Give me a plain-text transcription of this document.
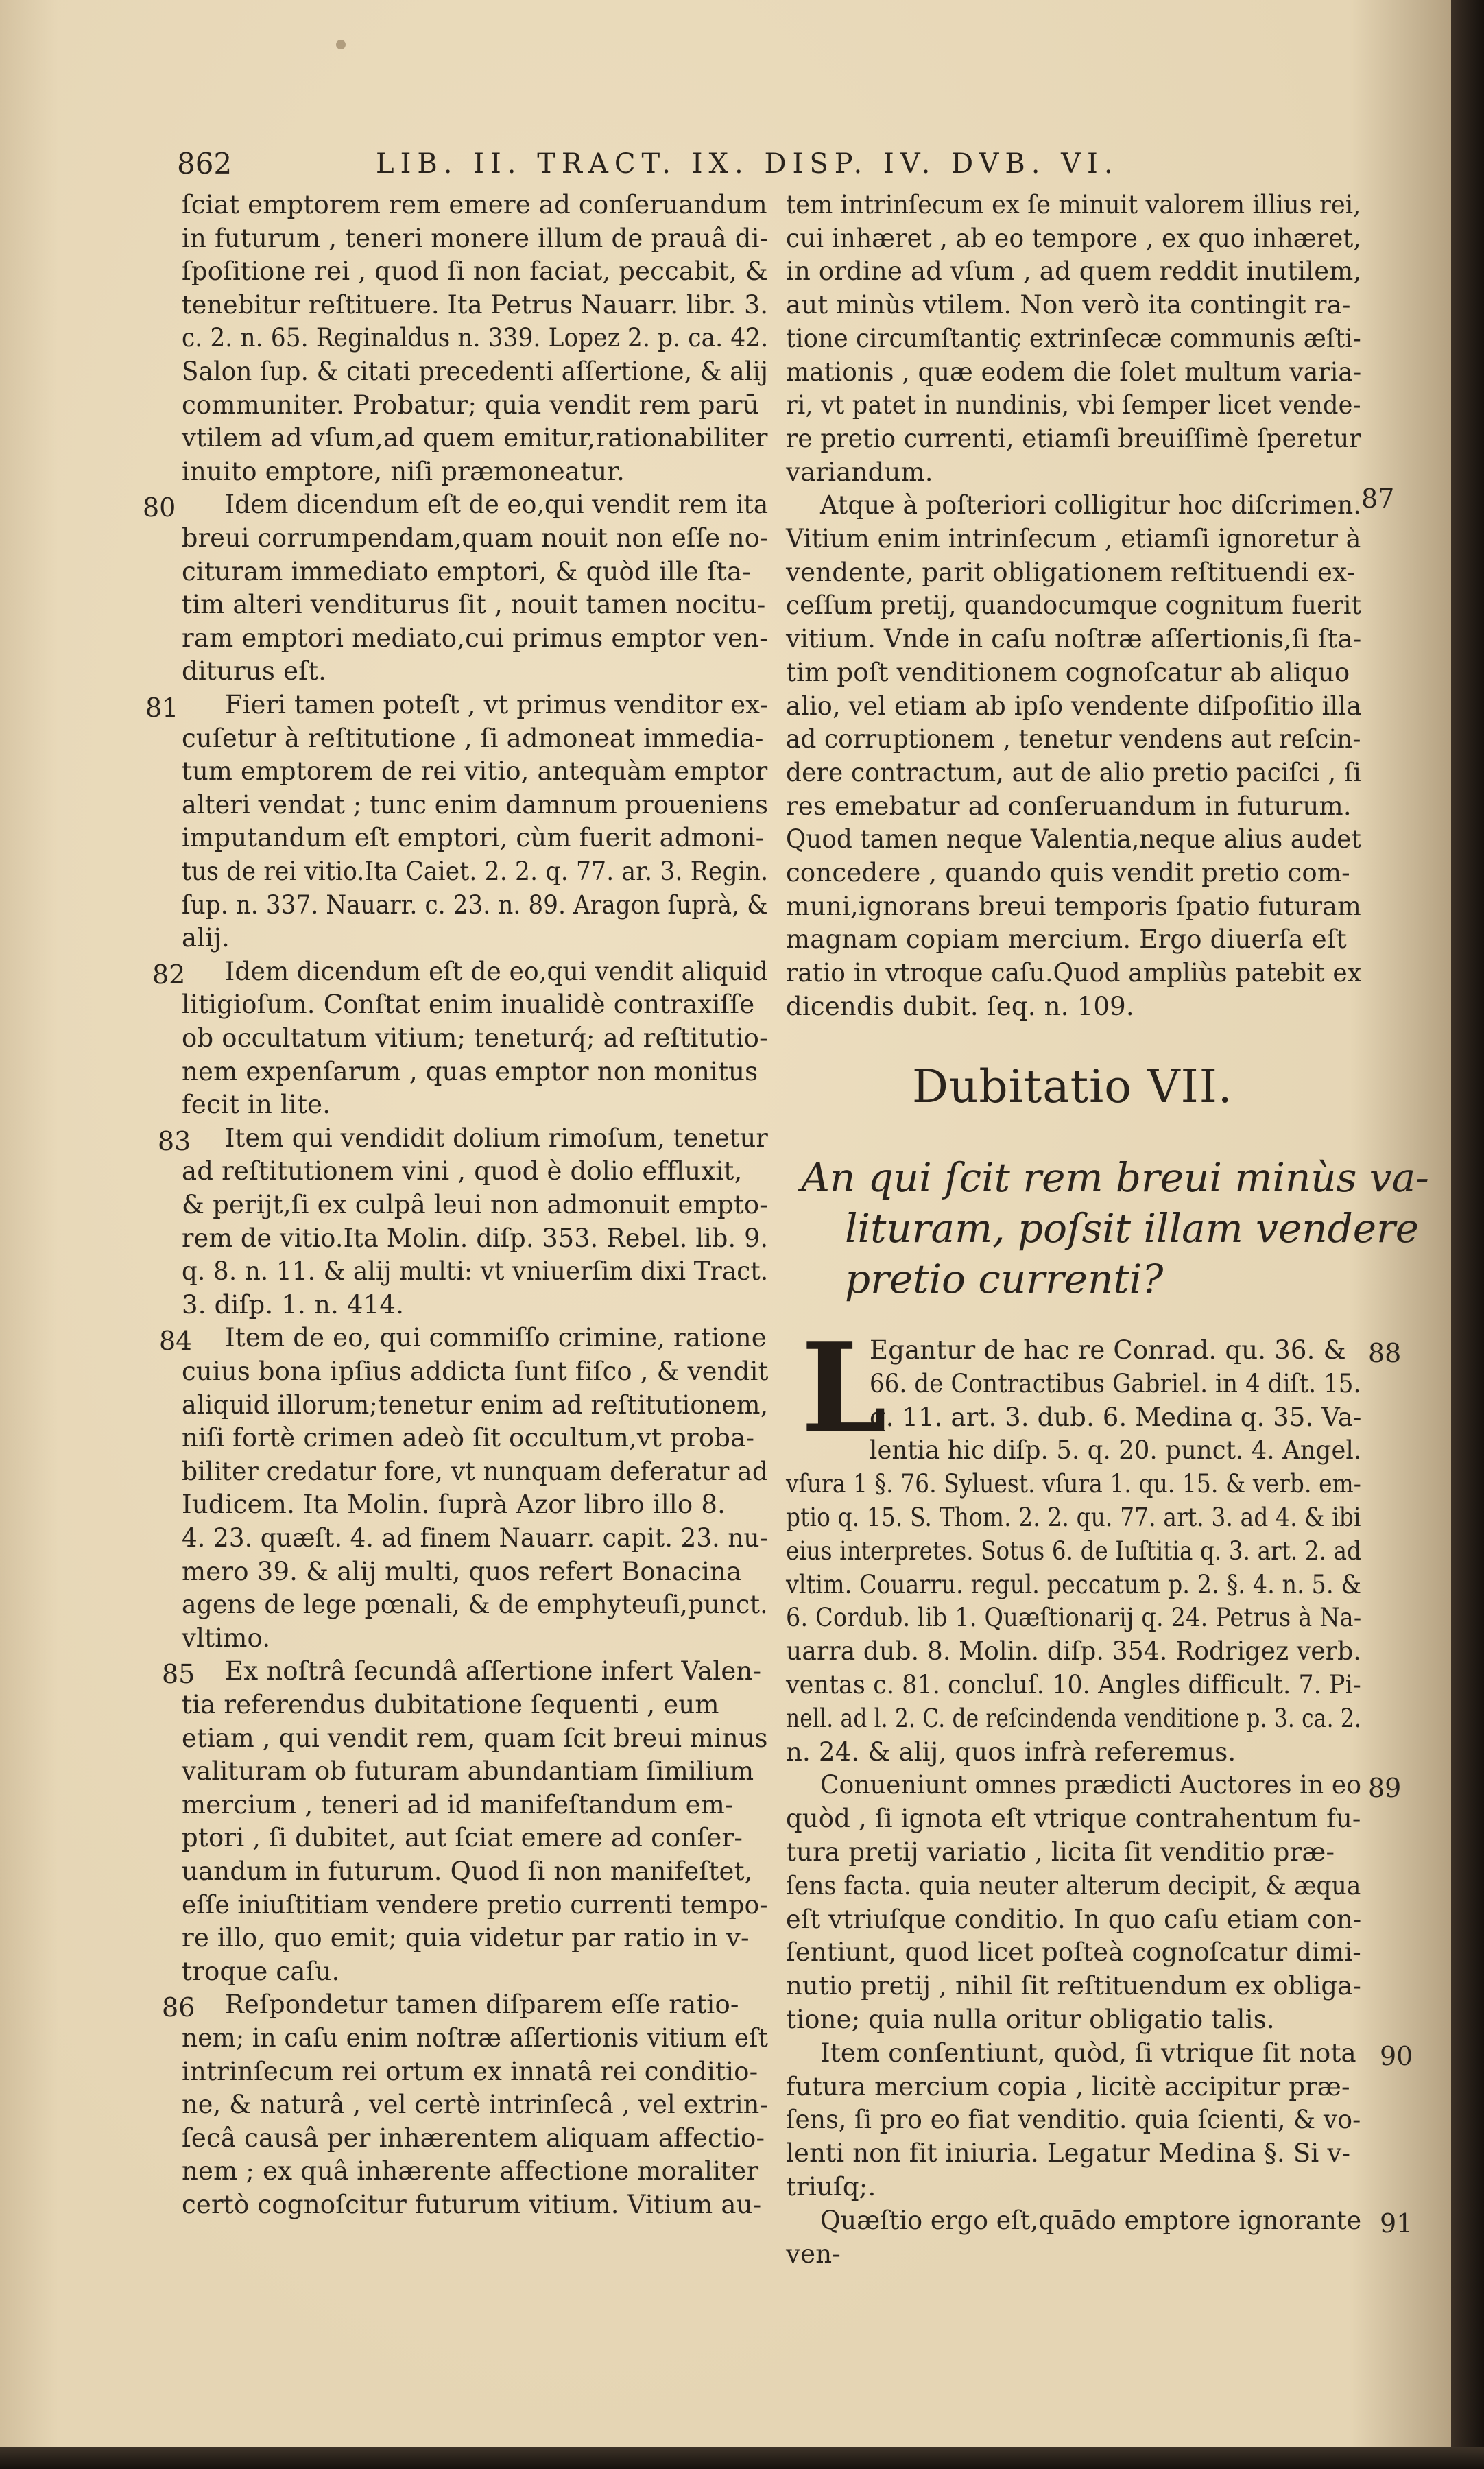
862	LIB. II. TRACT. IX. DISP. IV. DVB. VI.
ſciat emptorem rem emere ad conſeruandum
in futurum , teneri monere illum de prauâ di-
ſpoſitione rei , quod ſi non faciat, peccabit, &
tenebitur reſtituere. Ita Petrus Nauarr. libr. 3.
c. 2. n. 65. Reginaldus n. 339. Lopez 2. p. ca. 42.
Salon ſup. & citati precedenti aſſertione, & alij
communiter. Probatur; quia vendit rem parū
vtilem ad vſum,ad quem emitur,rationabiliter
inuito emptore, niſi præmoneatur.
Idem dicendum eſt de eo,qui vendit rem ita
breui corrumpendam,quam nouit non eſſe no-
cituram immediato emptori, & quòd ille ſta-
tim alteri venditurus ſit , nouit tamen nocitu-
ram emptori mediato,cui primus emptor ven-
diturus eſt.
Fieri tamen poteſt , vt primus venditor ex-
cuſetur à reſtitutione , ſi admoneat immedia-
tum emptorem de rei vitio, antequàm emptor
alteri vendat ; tunc enim damnum proueniens
imputandum eſt emptori, cùm fuerit admoni-
tus de rei vitio.Ita Caiet. 2. 2. q. 77. ar. 3. Regin.
ſup. n. 337. Nauarr. c. 23. n. 89. Aragon ſuprà, &
alij.
Idem dicendum eſt de eo,qui vendit aliquid
litigioſum. Conſtat enim inualidè contraxiſſe
ob occultatum vitium; teneturq́; ad reſtitutio-
nem expenſarum , quas emptor non monitus
fecit in lite.
Item qui vendidit dolium rimoſum, tenetur
ad reſtitutionem vini , quod è dolio effluxit,
& perijt,ſi ex culpâ leui non admonuit empto-
rem de vitio.Ita Molin. diſp. 353. Rebel. lib. 9.
q. 8. n. 11. & alij multi: vt vniuerſim dixi Tract.
3. diſp. 1. n. 414.
Item de eo, qui commiſſo crimine, ratione
cuius bona ipſius addicta ſunt fiſco , & vendit
aliquid illorum;tenetur enim ad reſtitutionem,
niſi fortè crimen adeò ſit occultum,vt proba-
biliter credatur fore, vt nunquam deferatur ad
Iudicem. Ita Molin. ſuprà Azor libro illo 8.
4. 23. quæſt. 4. ad finem Nauarr. capit. 23. nu-
mero 39. & alij multi, quos refert Bonacina
agens de lege pœnali, & de emphyteuſi,punct.
vltimo.
Ex noſtrâ ſecundâ aſſertione infert Valen-
tia referendus dubitatione ſequenti , eum
etiam , qui vendit rem, quam ſcit breui minus
valituram ob futuram abundantiam ſimilium
mercium , teneri ad id manifeſtandum em-
ptori , ſi dubitet, aut ſciat emere ad conſer-
uandum in futurum. Quod ſi non manifeſtet,
eſſe iniuſtitiam vendere pretio currenti tempo-
re illo, quo emit; quia videtur par ratio in v-
troque caſu.
Reſpondetur tamen diſparem eſſe ratio-
nem; in caſu enim noſtræ aſſertionis vitium eſt
intrinſecum rei ortum ex innatâ rei conditio-
ne, & naturâ , vel certè intrinſecâ , vel extrin-
ſecâ causâ per inhærentem aliquam affectio-
nem ; ex quâ inhærente affectione moraliter
certò cognoſcitur futurum vitium. Vitium au-
80
81
82
83
84
85
86
tem intrinſecum ex ſe minuit valorem illius rei,
cui inhæret , ab eo tempore , ex quo inhæret,
in ordine ad vſum , ad quem reddit inutilem,
aut minùs vtilem. Non verò ita contingit ra-
tione circumſtantiç extrinſecæ communis æſti-
mationis , quæ eodem die ſolet multum varia-
ri, vt patet in nundinis, vbi ſemper licet vende-
re pretio currenti, etiamſi breuiſſimè ſperetur
variandum.
Atque à poſteriori colligitur hoc diſcrimen.
Vitium enim intrinſecum , etiamſi ignoretur à
vendente, parit obligationem reſtituendi ex-
ceſſum pretij, quandocumque cognitum fuerit
vitium. Vnde in caſu noſtræ aſſertionis,ſi ſta-
tim poſt venditionem cognoſcatur ab aliquo
alio, vel etiam ab ipſo vendente diſpoſitio illa
ad corruptionem , tenetur vendens aut reſcin-
dere contractum, aut de alio pretio paciſci , ſi
res emebatur ad conſeruandum in futurum.
Quod tamen neque Valentia,neque alius audet
concedere , quando quis vendit pretio com-
muni,ignorans breui temporis ſpatio futuram
magnam copiam mercium. Ergo diuerſa eſt
ratio in vtroque caſu.Quod ampliùs patebit ex
dicendis dubit. ſeq. n. 109.
Egantur de hac re Conrad. qu. 36. &
66. de Contractibus Gabriel. in 4 diſt. 15.
q. 11. art. 3. dub. 6. Medina q. 35. Va-
lentia hic diſp. 5. q. 20. punct. 4. Angel.
vſura 1 §. 76. Syluest. vſura 1. qu. 15. & verb. em-
ptio q. 15. S. Thom. 2. 2. qu. 77. art. 3. ad 4. & ibi
eius interpretes. Sotus 6. de Iuſtitia q. 3. art. 2. ad
vltim. Couarru. regul. peccatum p. 2. §. 4. n. 5. &
6. Cordub. lib 1. Quæſtionarij q. 24. Petrus à Na-
uarra dub. 8. Molin. diſp. 354. Rodrigez verb.
ventas c. 81. concluſ. 10. Angles difficult. 7. Pi-
nell. ad l. 2. C. de reſcindenda venditione p. 3. ca. 2.
n. 24. & alij, quos infrà referemus.
Conueniunt omnes prædicti Auctores in eo
quòd , ſi ignota eſt vtrique contrahentum fu-
tura pretij variatio , licita ſit venditio præ-
ſens facta. quia neuter alterum decipit, & æqua
eſt vtriuſque conditio. In quo caſu etiam con-
ſentiunt, quod licet poſteà cognoſcatur dimi-
nutio pretij , nihil ſit reſtituendum ex obliga-
tione; quia nulla oritur obligatio talis.
Item conſentiunt, quòd, ſi vtrique ſit nota
futura mercium copia , licitè accipitur præ-
ſens, ſi pro eo fiat venditio. quia ſcienti, & vo-
lenti non fit iniuria. Legatur Medina §. Si v-
triuſq;.
Quæſtio ergo eſt,quādo emptore ignorante
ven-
87
88
89
90
91
Dubitatio VII.
An qui ſcit rem breui minùs va-
lituram, poſsit illam vendere
pretio currenti?
L
